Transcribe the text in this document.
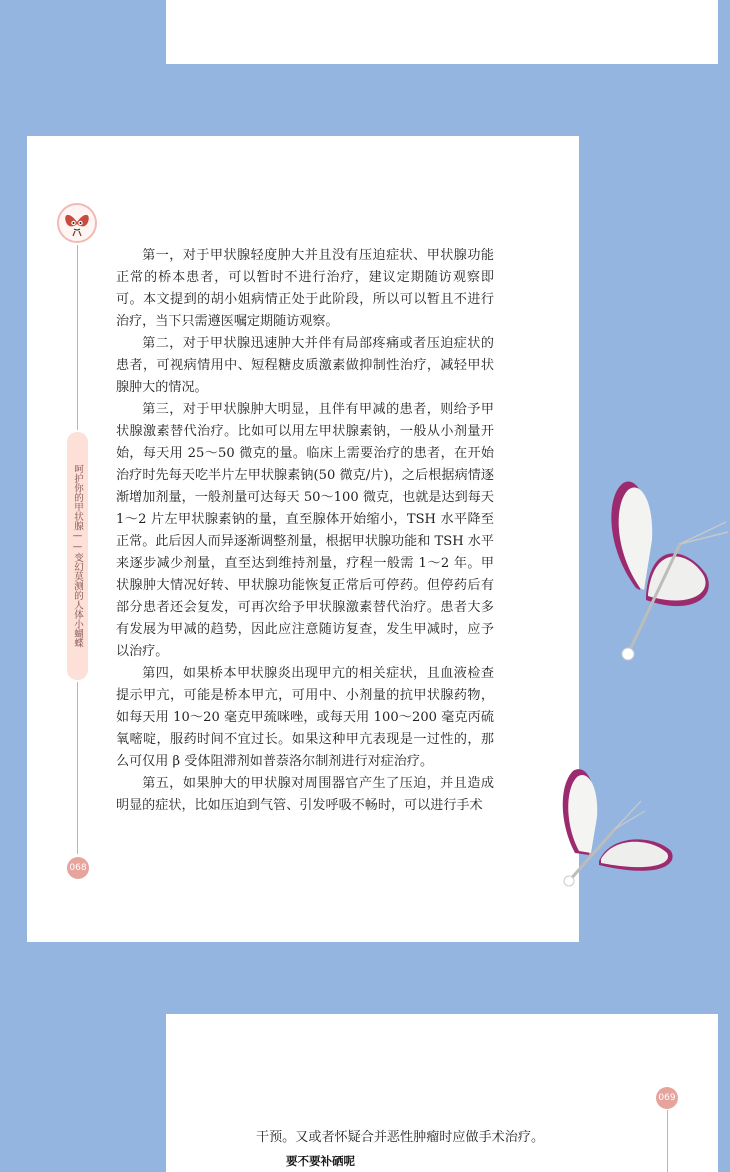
呵护你的甲状腺——变幻莫测的人体小蝴蝶
068

第一，对于甲状腺轻度肿大并且没有压迫症状、甲状腺功能正常的桥本患者，可以暂时不进行治疗，建议定期随访观察即可。本文提到的胡小姐病情正处于此阶段，所以可以暂且不进行治疗，当下只需遵医嘱定期随访观察。

第二，对于甲状腺迅速肿大并伴有局部疼痛或者压迫症状的患者，可视病情用中、短程糖皮质激素做抑制性治疗，减轻甲状腺肿大的情况。

第三，对于甲状腺肿大明显，且伴有甲减的患者，则给予甲状腺激素替代治疗。比如可以用左甲状腺素钠，一般从小剂量开始，每天用 25～50 微克的量。临床上需要治疗的患者，在开始治疗时先每天吃半片左甲状腺素钠(50 微克/片)，之后根据病情逐渐增加剂量，一般剂量可达每天 50～100 微克，也就是达到每天 1～2 片左甲状腺素钠的量，直至腺体开始缩小，TSH 水平降至正常。此后因人而异逐渐调整剂量，根据甲状腺功能和 TSH 水平来逐步减少剂量，直至达到维持剂量，疗程一般需 1～2 年。甲状腺肿大情况好转、甲状腺功能恢复正常后可停药。但停药后有部分患者还会复发，可再次给予甲状腺激素替代治疗。患者大多有发展为甲减的趋势，因此应注意随访复查，发生甲减时，应予以治疗。

第四，如果桥本甲状腺炎出现甲亢的相关症状，且血液检查提示甲亢，可能是桥本甲亢，可用中、小剂量的抗甲状腺药物，如每天用 10～20 毫克甲巯咪唑，或每天用 100～200 毫克丙硫氧嘧啶，服药时间不宜过长。如果这种甲亢表现是一过性的，那么可仅用 β 受体阻滞剂如普萘洛尔制剂进行对症治疗。

第五，如果肿大的甲状腺对周围器官产生了压迫，并且造成明显的症状，比如压迫到气管、引发呼吸不畅时，可以进行手术

069
干预。又或者怀疑合并恶性肿瘤时应做手术治疗。
要不要补硒呢
